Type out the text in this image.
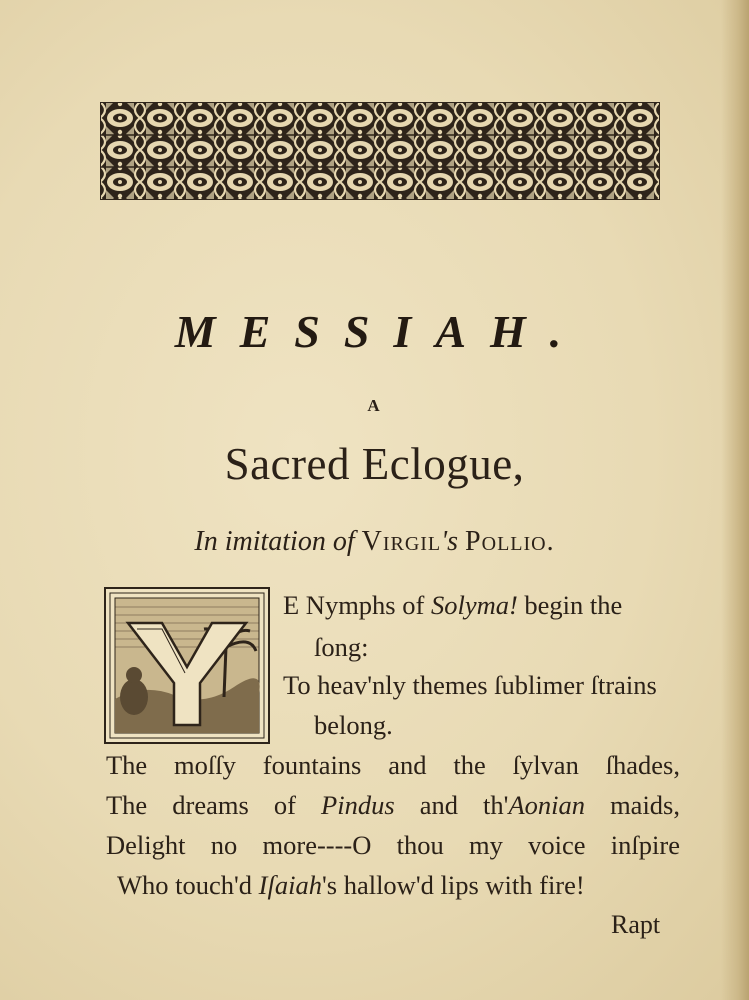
MESSIAH.
A
Sacred Eclogue,
In imitation of Virgil's Pollio.
E Nymphs of Solyma! begin the
ſong:
To heav'nly themes ſublimer ſtrains
belong.
The moſſy fountains and the ſylvan ſhades,
The dreams of Pindus and th'Aonian maids,
Delight no more----O thou my voice inſpire
Who touch'd Iſaiah's hallow'd lips with fire!
Rapt
